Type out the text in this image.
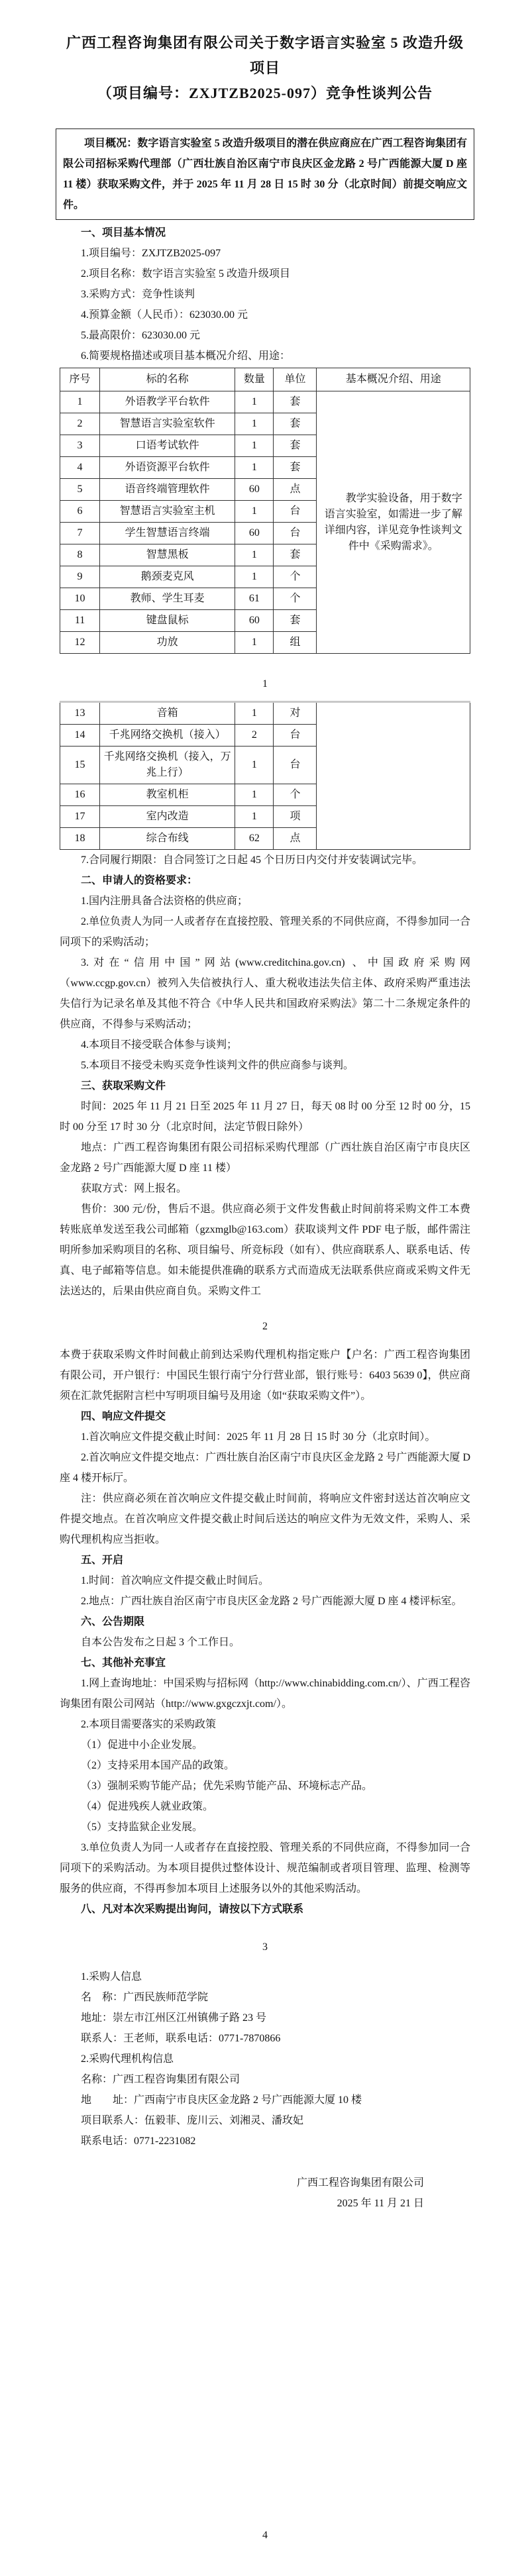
广西工程咨询集团有限公司关于数字语言实验室 5 改造升级项目
（项目编号：ZXJTZB2025-097）竞争性谈判公告

项目概况：数字语言实验室 5 改造升级项目的潜在供应商应在广西工程咨询集团有限公司招标采购代理部（广西壮族自治区南宁市良庆区金龙路 2 号广西能源大厦 D 座 11 楼）获取采购文件，并于 2025 年 11 月 28 日 15 时 30 分（北京时间）前提交响应文件。

一、项目基本情况

1.项目编号：ZXJTZB2025-097

2.项目名称：数字语言实验室 5 改造升级项目

3.采购方式：竞争性谈判

4.预算金额（人民币）：623030.00 元

5.最高限价：623030.00 元

6.简要规格描述或项目基本概况介绍、用途：

序号	标的名称	数量	单位	基本概况介绍、用途
1	外语教学平台软件	1	套	教学实验设备，用于数字语言实验室，如需进一步了解详细内容，详见竞争性谈判文件中《采购需求》。
2	智慧语言实验室软件	1	套	
3	口语考试软件	1	套	
4	外语资源平台软件	1	套	
5	语音终端管理软件	60	点	
6	智慧语言实验室主机	1	台	
7	学生智慧语言终端	60	台	
8	智慧黑板	1	套	
9	鹅颈麦克风	1	个	
10	教师、学生耳麦	61	个	
11	键盘鼠标	60	套	
12	功放	1	组	
1
13	音箱	1	对	
14	千兆网络交换机（接入）	2	台	
15	千兆网络交换机（接入，万兆上行）	1	台	
16	教室机柜	1	个	
17	室内改造	1	项	
18	综合布线	62	点	

7.合同履行期限：自合同签订之日起 45 个日历日内交付并安装调试完毕。

二、申请人的资格要求：

1.国内注册具备合法资格的供应商；

2.单位负责人为同一人或者存在直接控股、管理关系的不同供应商，不得参加同一合同项下的采购活动；

3.对在“信用中国”网站(www.creditchina.gov.cn) 、中国政府采购网（www.ccgp.gov.cn）被列入失信被执行人、重大税收违法失信主体、政府采购严重违法失信行为记录名单及其他不符合《中华人民共和国政府采购法》第二十二条规定条件的供应商，不得参与采购活动；

4.本项目不接受联合体参与谈判；

5.本项目不接受未购买竞争性谈判文件的供应商参与谈判。

三、获取采购文件

时间：2025 年 11 月 21 日至 2025 年 11 月 27 日，每天 08 时 00 分至 12 时 00 分，15 时 00 分至 17 时 30 分（北京时间，法定节假日除外）

地点：广西工程咨询集团有限公司招标采购代理部（广西壮族自治区南宁市良庆区金龙路 2 号广西能源大厦 D 座 11 楼）

获取方式：网上报名。

售价：300 元/份，售后不退。供应商必须于文件发售截止时间前将采购文件工本费转账底单发送至我公司邮箱（gzxmglb@163.com）获取谈判文件 PDF 电子版，邮件需注明所参加采购项目的名称、项目编号、所竞标段（如有）、供应商联系人、联系电话、传真、电子邮箱等信息。如未能提供准确的联系方式而造成无法联系供应商或采购文件无法送达的，后果由供应商自负。采购文件工

2

本费于获取采购文件时间截止前到达采购代理机构指定账户【户名：广西工程咨询集团有限公司，开户银行：中国民生银行南宁分行营业部，银行账号：6403 5639 0】，供应商须在汇款凭据附言栏中写明项目编号及用途（如“获取采购文件”）。

四、响应文件提交

1.首次响应文件提交截止时间：2025 年 11 月 28 日 15 时 30 分（北京时间）。

2.首次响应文件提交地点：广西壮族自治区南宁市良庆区金龙路 2 号广西能源大厦 D 座 4 楼开标厅。

注：供应商必须在首次响应文件提交截止时间前，将响应文件密封送达首次响应文件提交地点。在首次响应文件提交截止时间后送达的响应文件为无效文件，采购人、采购代理机构应当拒收。

五、开启

1.时间：首次响应文件提交截止时间后。

2.地点：广西壮族自治区南宁市良庆区金龙路 2 号广西能源大厦 D 座 4 楼评标室。

六、公告期限

自本公告发布之日起 3 个工作日。

七、其他补充事宜

1.网上查询地址：中国采购与招标网（http://www.chinabidding.com.cn/）、广西工程咨询集团有限公司网站（http://www.gxgczxjt.com/）。

2.本项目需要落实的采购政策

（1）促进中小企业发展。

（2）支持采用本国产品的政策。

（3）强制采购节能产品；优先采购节能产品、环境标志产品。

（4）促进残疾人就业政策。

（5）支持监狱企业发展。

3.单位负责人为同一人或者存在直接控股、管理关系的不同供应商，不得参加同一合同项下的采购活动。为本项目提供过整体设计、规范编制或者项目管理、监理、检测等服务的供应商，不得再参加本项目上述服务以外的其他采购活动。

八、凡对本次采购提出询问，请按以下方式联系

3

1.采购人信息

名　称：广西民族师范学院

地址：崇左市江州区江州镇佛子路 23 号

联系人：王老师，联系电话：0771-7870866

2.采购代理机构信息

名称：广西工程咨询集团有限公司

地　　址：广西南宁市良庆区金龙路 2 号广西能源大厦 10 楼

项目联系人：伍毅菲、庞川云、刘湘灵、潘玫妃

联系电话：0771-2231082

广西工程咨询集团有限公司

2025 年 11 月 21 日

4
